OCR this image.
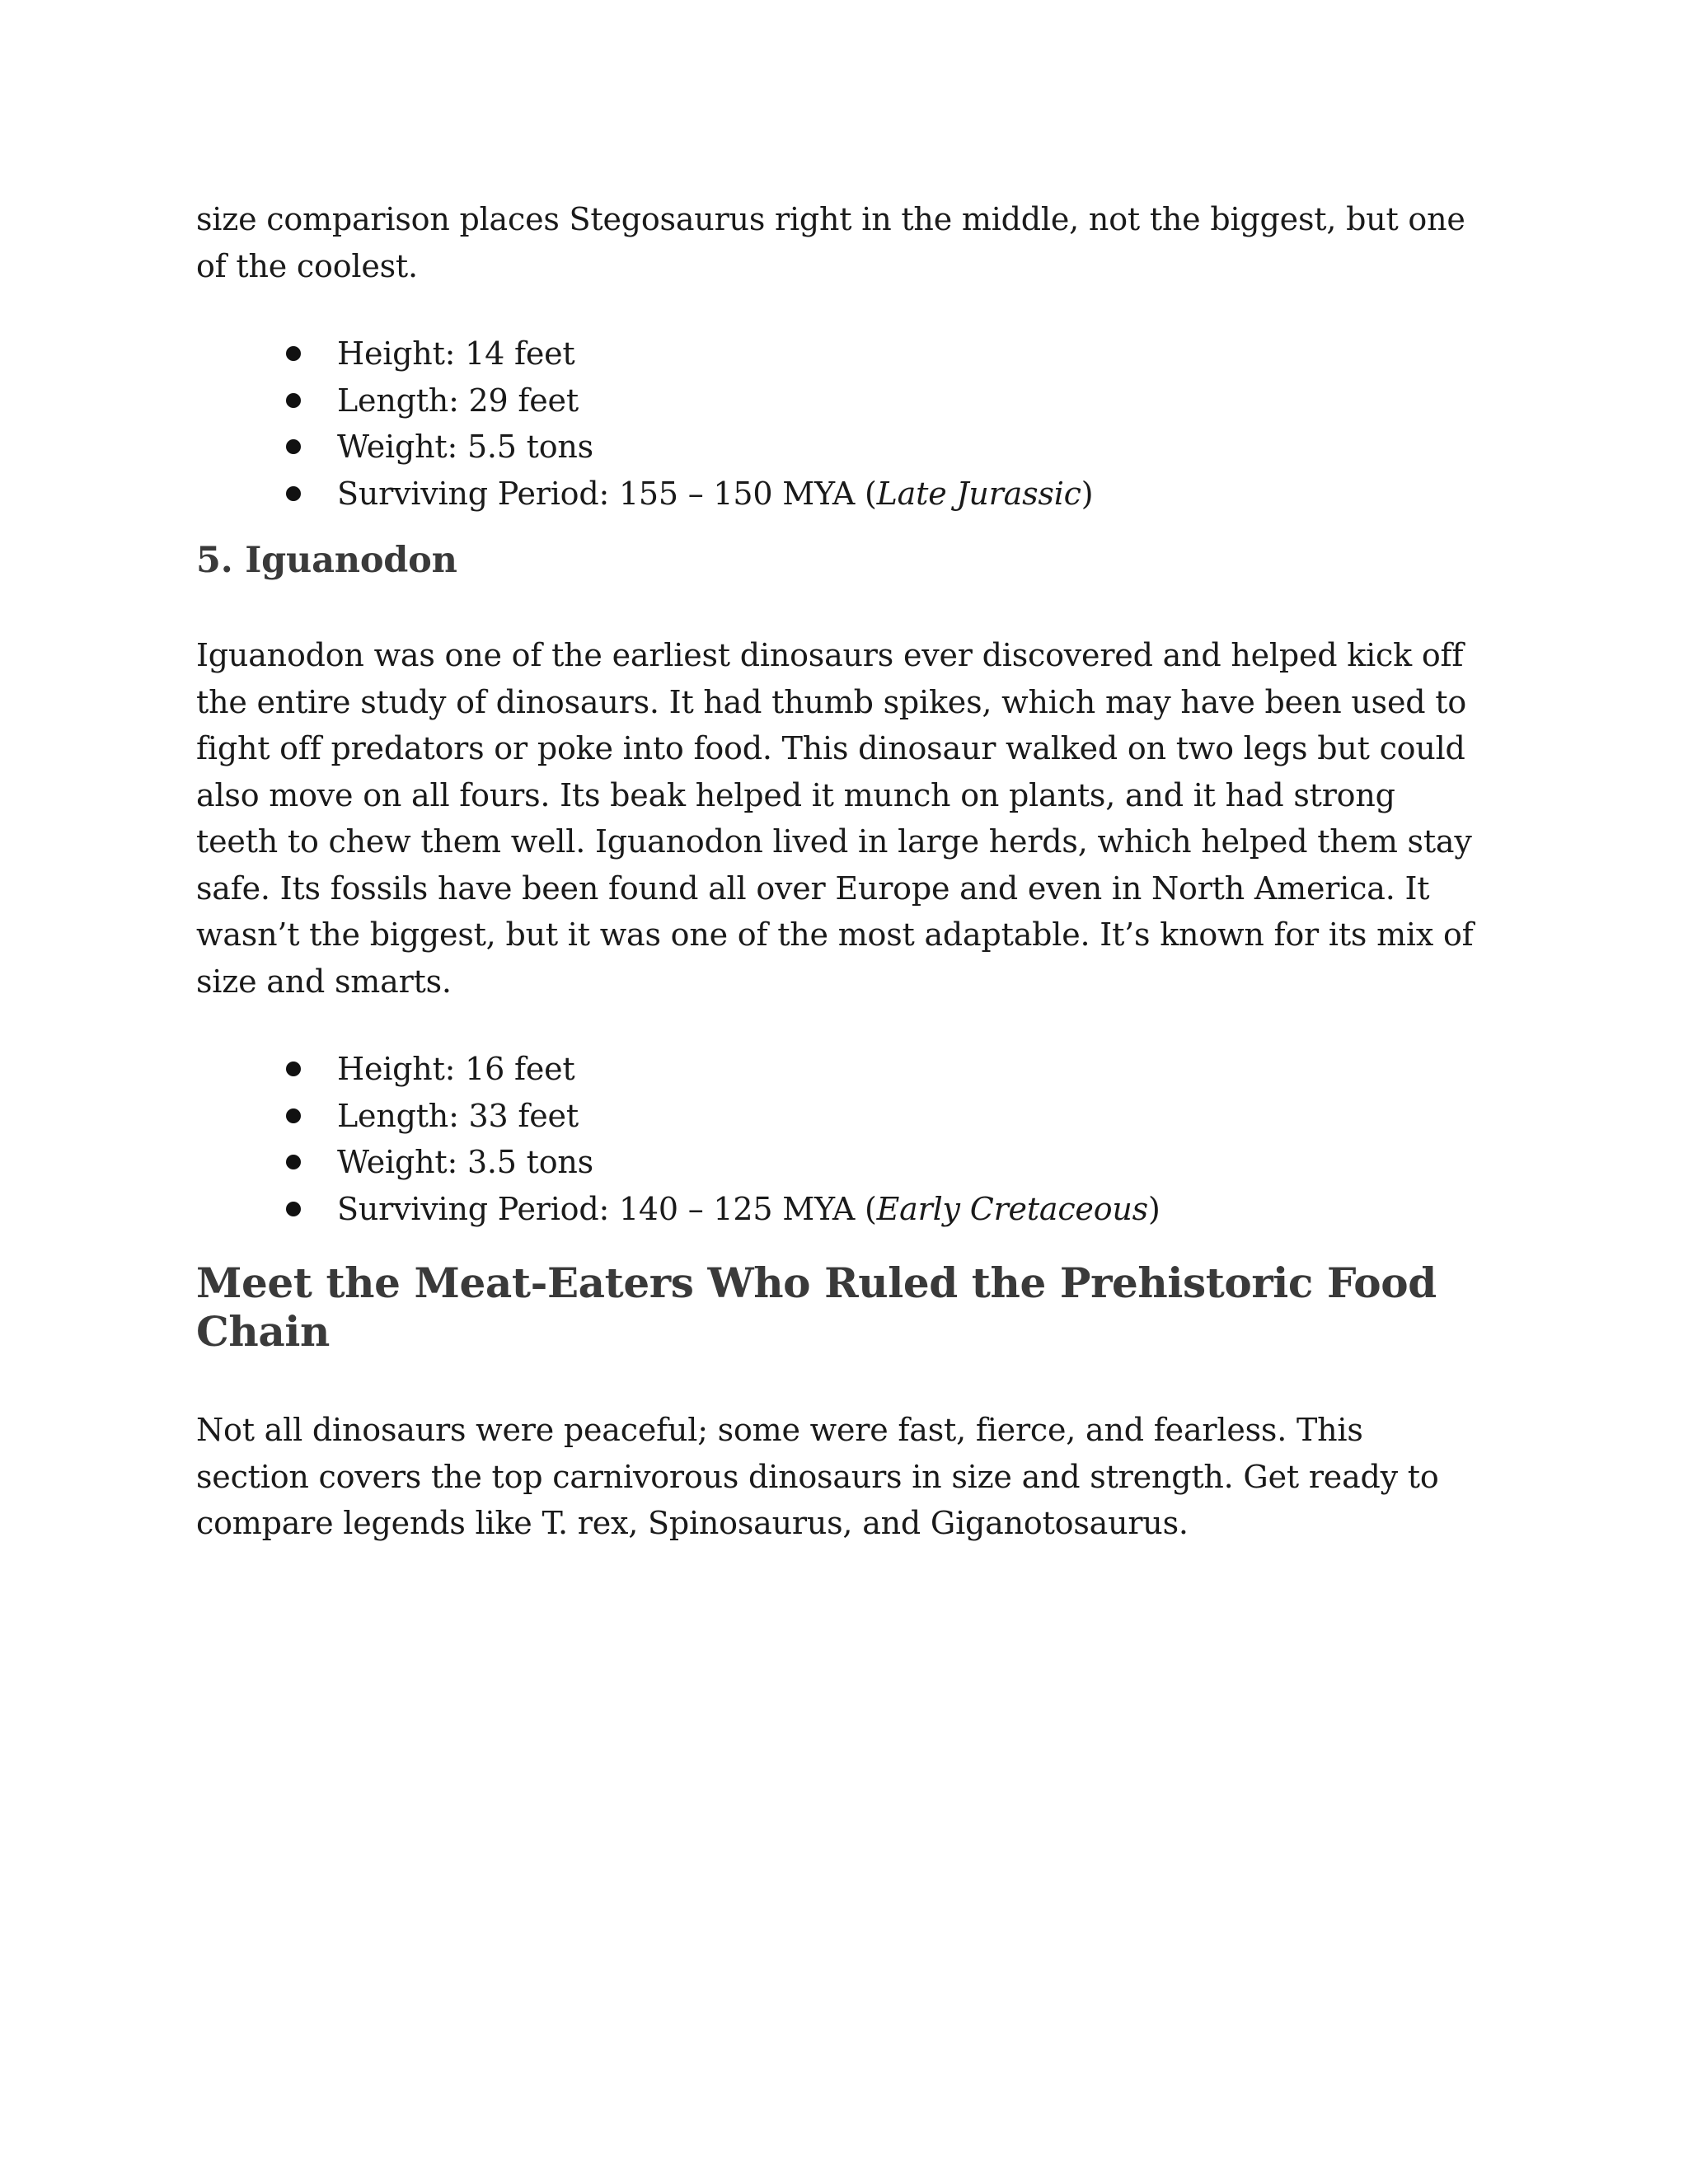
size comparison places Stegosaurus right in the middle, not the biggest, but one of the coolest.

Height: 14 feet
Length: 29 feet
Weight: 5.5 tons
Surviving Period: 155 – 150 MYA (Late Jurassic)
5. Iguanodon

Iguanodon was one of the earliest dinosaurs ever discovered and helped kick off the entire study of dinosaurs. It had thumb spikes, which may have been used to fight off predators or poke into food. This dinosaur walked on two legs but could also move on all fours. Its beak helped it munch on plants, and it had strong teeth to chew them well. Iguanodon lived in large herds, which helped them stay safe. Its fossils have been found all over Europe and even in North America. It wasn’t the biggest, but it was one of the most adaptable. It’s known for its mix of size and smarts.

Height: 16 feet
Length: 33 feet
Weight: 3.5 tons
Surviving Period: 140 – 125 MYA (Early Cretaceous)
Meet the Meat-Eaters Who Ruled the Prehistoric Food Chain

Not all dinosaurs were peaceful; some were fast, fierce, and fearless. This section covers the top carnivorous dinosaurs in size and strength. Get ready to compare legends like T. rex, Spinosaurus, and Giganotosaurus.
